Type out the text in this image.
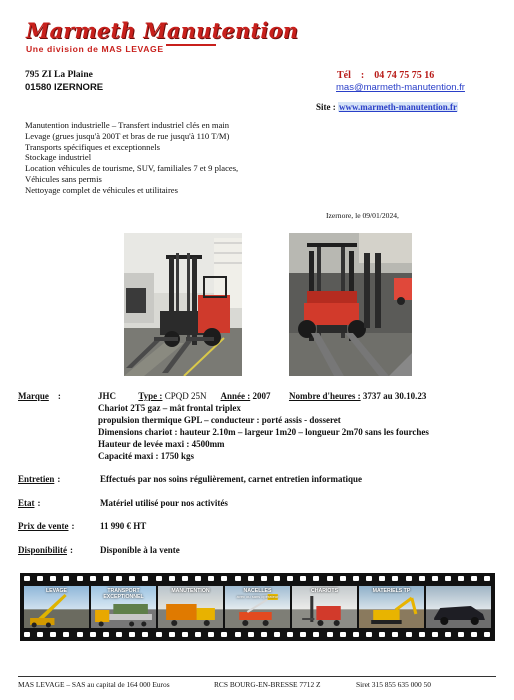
Marmeth Manutention
Une division de MAS LEVAGE
795 ZI La Plaine
01580 IZERNORE
Tél : 04 74 75 75 16
mas@marmeth-manutention.fr
Site : www.marmeth-manutention.fr
Manutention industrielle – Transfert industriel clés en main
Levage (grues jusqu'à 200T et bras de rue jusqu'à 110 T/M)
Transports spécifiques et exceptionnels
Stockage industriel
Location véhicules de tourisme, SUV, familiales 7 et 9 places,
Véhicules sans permis
Nettoyage complet de véhicules et utilitaires
Izernore, le 09/01/2024,
Marque :	JHC Type : CPQD 25N Année : 2007 Nombre d'heures : 3737 au 30.10.23
Chariot 2T5 gaz – mât frontal triplex
propulsion thermique GPL – conducteur : porté assis - dosseret
Dimensions chariot : hauteur 2.10m – largeur 1m20 – longueur 2m70 sans les fourches
Hauteur de levée maxi : 4500mm
Capacité maxi : 1750 kgs
Entretien :	Effectués par nos soins régulièrement, carnet entretien informatique
Etat :	Matériel utilisé pour nos activités
Prix de vente :	11 990 € HT
Disponibilité :	Disponible à la vente
LEVAGE	TRANSPORT EXCEPTIONNEL
MANUTENTION	NACELLES
avec ou sans opérateur
CHARIOTS	MATERIELS TP
MAS LEVAGE – SAS au capital de 164 000 Euros	RCS BOURG-EN-BRESSE 7712 Z	Siret 315 855 635 000 50
